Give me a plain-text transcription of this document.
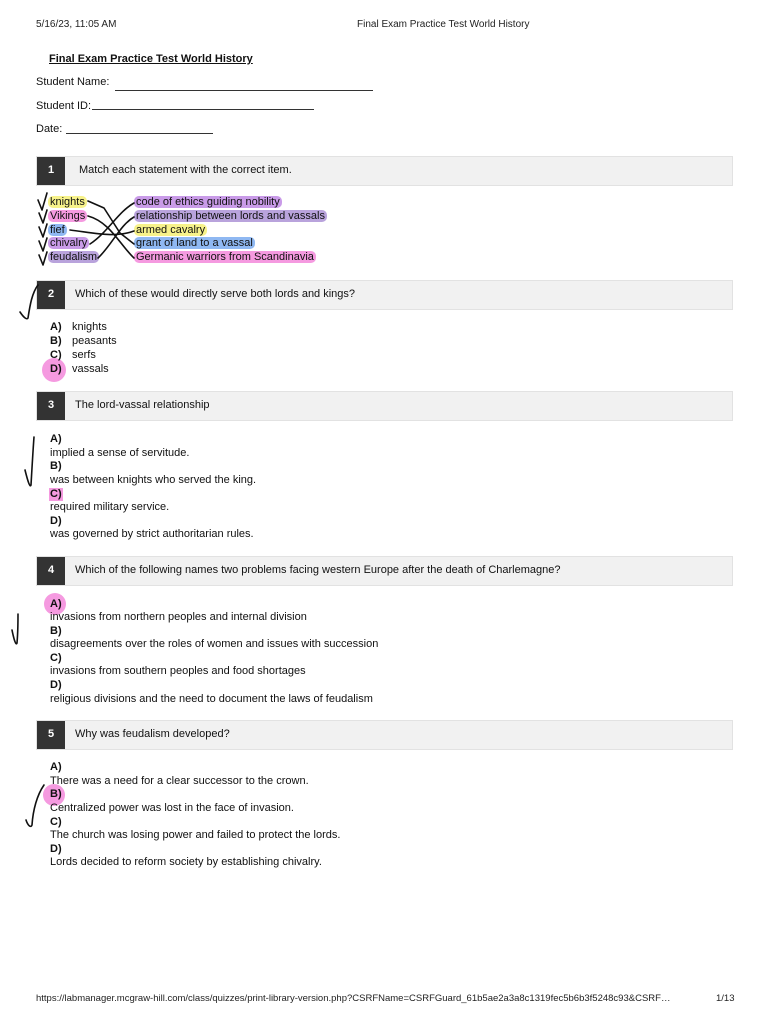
5/16/23, 11:05 AM	Final Exam Practice Test World History
Final Exam Practice Test World History
Student Name:
Student ID:
Date:
1	Match each statement with the correct item.
knights
Vikings
fief
chivalry
feudalism
code of ethics guiding nobility
relationship between lords and vassals
armed cavalry
grant of land to a vassal
Germanic warriors from Scandinavia
2	Which of these would directly serve both lords and kings?
A) knights
B) peasants
C) serfs
D) vassals
3	The lord-vassal relationship
A)
implied a sense of servitude.
B)
was between knights who served the king.
C)
required military service.
D)
was governed by strict authoritarian rules.
4	Which of the following names two problems facing western Europe after the death of Charlemagne?
A)
invasions from northern peoples and internal division
B)
disagreements over the roles of women and issues with succession
C)
invasions from southern peoples and food shortages
D)
religious divisions and the need to document the laws of feudalism
5	Why was feudalism developed?
A)
There was a need for a clear successor to the crown.
B)
Centralized power was lost in the face of invasion.
C)
The church was losing power and failed to protect the lords.
D)
Lords decided to reform society by establishing chivalry.
https://labmanager.mcgraw-hill.com/class/quizzes/print-library-version.php?CSRFName=CSRFGuard_61b5ae2a3a8c1319fec5b6b3f5248c93&CSRF…	1/13
